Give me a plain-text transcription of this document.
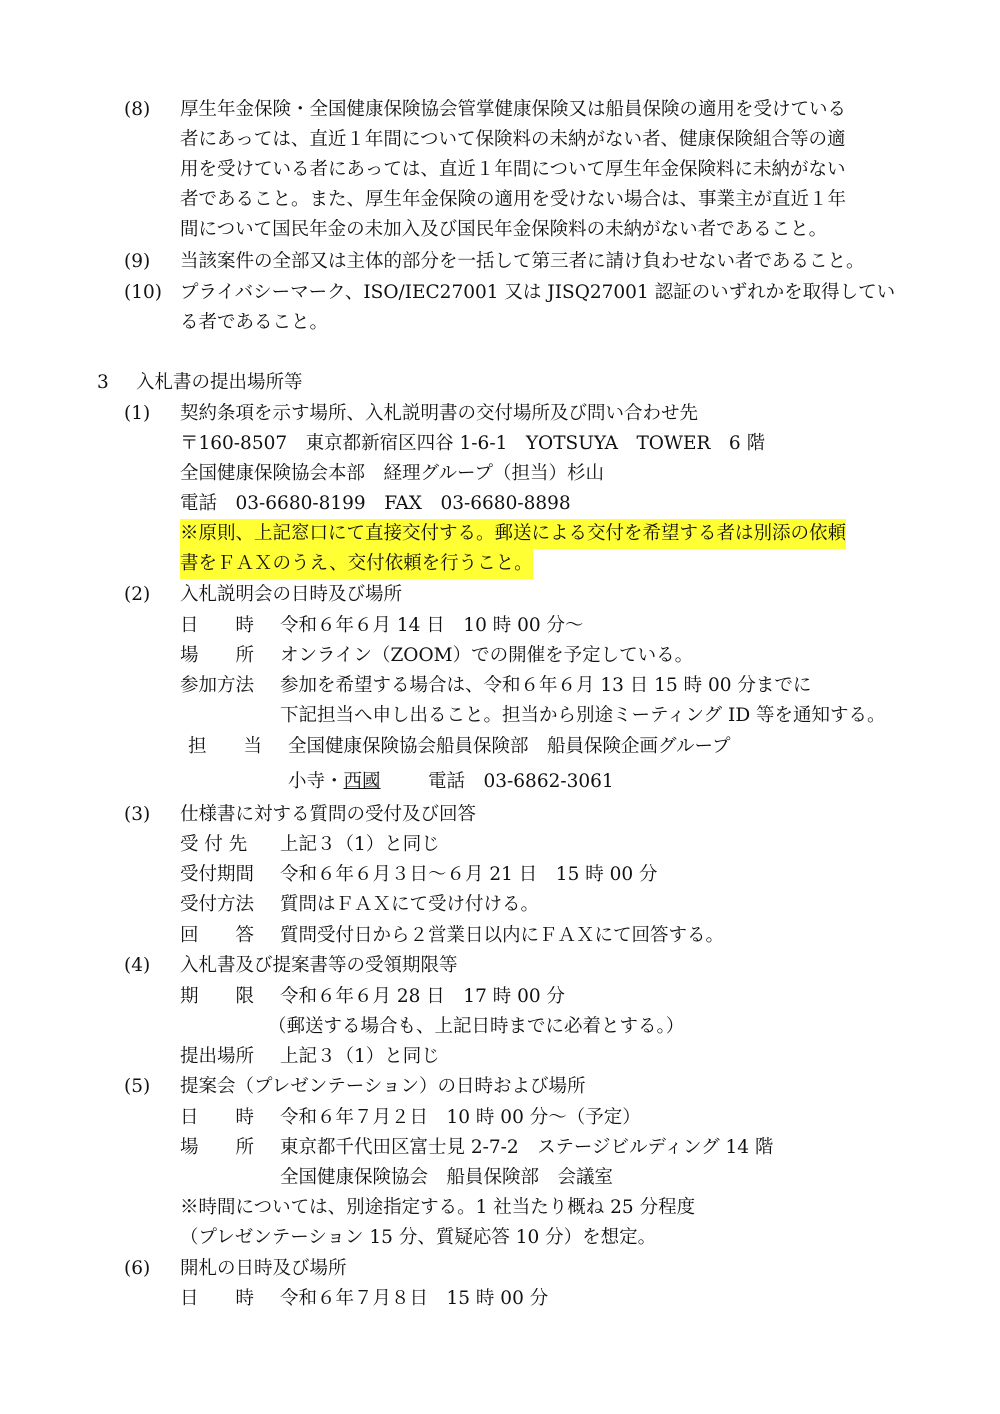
(8) 厚生年金保険・全国健康保険協会管掌健康保険又は船員保険の適用を受けている
者にあっては、直近１年間について保険料の未納がない者、健康保険組合等の適
用を受けている者にあっては、直近１年間について厚生年金保険料に未納がない
者であること。また、厚生年金保険の適用を受けない場合は、事業主が直近１年
間について国民年金の未加入及び国民年金保険料の未納がない者であること。
(9) 当該案件の全部又は主体的部分を一括して第三者に請け負わせない者であること。
(10) プライバシーマーク、ISO/IEC27001 又は JISQ27001 認証のいずれかを取得してい
る者であること。
3 入札書の提出場所等
(1) 契約条項を示す場所、入札説明書の交付場所及び問い合わせ先
〒160-8507　東京都新宿区四谷 1-6-1　YOTSUYA　TOWER　6 階
全国健康保険協会本部　経理グループ（担当）杉山
電話　03-6680-8199　FAX　03-6680-8898
※原則、上記窓口にて直接交付する。郵送による交付を希望する者は別添の依頼
書をＦＡＸのうえ、交付依頼を行うこと。
(2) 入札説明会の日時及び場所
日　　時 令和６年６月 14 日　10 時 00 分～
場　　所 オンライン（ZOOM）での開催を予定している。
参加方法 参加を希望する場合は、令和６年６月 13 日 15 時 00 分までに
下記担当へ申し出ること。担当から別途ミーティング ID 等を通知する。
担　　当 全国健康保険協会船員保険部　船員保険企画グループ
小寺・西國	電話　03-6862-3061
(3) 仕様書に対する質問の受付及び回答
受 付 先 上記３（1）と同じ
受付期間 令和６年６月３日～６月 21 日　15 時 00 分
受付方法 質問はＦＡＸにて受け付ける。
回　　答 質問受付日から２営業日以内にＦＡＸにて回答する。
(4) 入札書及び提案書等の受領期限等
期　　限 令和６年６月 28 日　17 時 00 分
（郵送する場合も、上記日時までに必着とする。）
提出場所 上記３（1）と同じ
(5) 提案会（プレゼンテーション）の日時および場所
日　　時 令和６年７月２日　10 時 00 分～（予定）
場　　所 東京都千代田区富士見 2-7-2　ステージビルディング 14 階
全国健康保険協会　船員保険部　会議室
※時間については、別途指定する。1 社当たり概ね 25 分程度
（プレゼンテーション 15 分、質疑応答 10 分）を想定。
(6) 開札の日時及び場所
日　　時 令和６年７月８日　15 時 00 分
